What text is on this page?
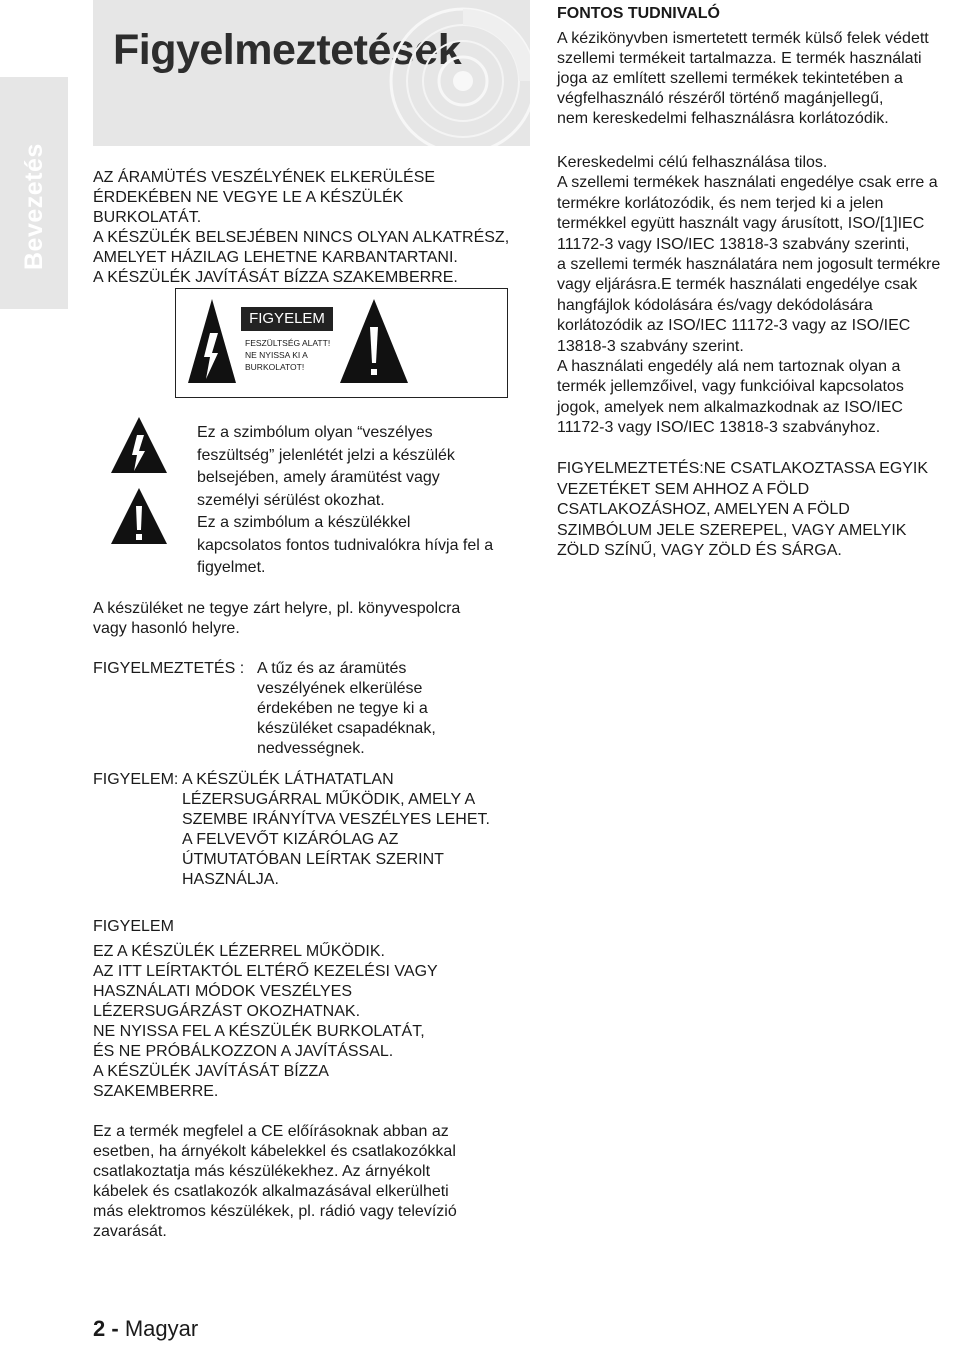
Bevezetés
Figyelmeztetések

AZ ÁRAMÜTÉS VESZÉLYÉNEK ELKERÜLÉSE
ÉRDEKÉBEN NE VEGYE LE A KÉSZÜLÉK BURKOLATÁT.
A KÉSZÜLÉK BELSEJÉBEN NINCS OLYAN ALKATRÉSZ,
AMELYET HÁZILAG LEHETNE KARBANTARTANI.
A KÉSZÜLÉK JAVÍTÁSÁT BÍZZA SZAKEMBERRE.

FIGYELEM
FESZÜLTSÉG ALATT!
NE NYISSA KI A
BURKOLATOT!

Ez a szimbólum olyan “veszélyes
feszültség” jelenlétét jelzi a készülék
belsejében, amely áramütést vagy
személyi sérülést okozhat.
Ez a szimbólum a készülékkel
kapcsolatos fontos tudnivalókra hívja fel a
figyelmet.

A készüléket ne tegye zárt helyre, pl. könyvespolcra
vagy hasonló helyre.

FIGYELMEZTETÉS : A tűz és az áramütés
veszélyének elkerülése
érdekében ne tegye ki a
készüléket csapadéknak,
nedvességnek.
FIGYELEM: A KÉSZÜLÉK LÁTHATATLAN
LÉZERSUGÁRRAL MŰKÖDIK, AMELY A
SZEMBE IRÁNYÍTVA VESZÉLYES LEHET.
A FELVEVŐT KIZÁRÓLAG AZ
ÚTMUTATÓBAN LEÍRTAK SZERINT
HASZNÁLJA.

FIGYELEM

EZ A KÉSZÜLÉK LÉZERREL MŰKÖDIK.
AZ ITT LEÍRTAKTÓL ELTÉRŐ KEZELÉSI VAGY
HASZNÁLATI MÓDOK VESZÉLYES
LÉZERSUGÁRZÁST OKOZHATNAK.
NE NYISSA FEL A KÉSZÜLÉK BURKOLATÁT,
ÉS NE PRÓBÁLKOZZON A JAVÍTÁSSAL.
A KÉSZÜLÉK JAVÍTÁSÁT BÍZZA
SZAKEMBERRE.

Ez a termék megfelel a CE előírásoknak abban az
esetben, ha árnyékolt kábelekkel és csatlakozókkal
csatlakoztatja más készülékekhez. Az árnyékolt
kábelek és csatlakozók alkalmazásával elkerülheti
más elektromos készülékek, pl. rádió vagy televízió
zavarását.

FONTOS TUDNIVALÓ

A kézikönyvben ismertetett termék külső felek védett
szellemi termékeit tartalmazza. E termék használati
joga az említett szellemi termékek tekintetében a
végfelhasználó részéről történő magánjellegű,
nem kereskedelmi felhasználásra korlátozódik.

Kereskedelmi célú felhasználása tilos.
A szellemi termékek használati engedélye csak erre a
termékre korlátozódik, és nem terjed ki a jelen
termékkel együtt használt vagy árusított, ISO/[1]IEC
11172-3 vagy ISO/IEC 13818-3 szabvány szerinti,
a szellemi termék használatára nem jogosult termékre
vagy eljárásra.E termék használati engedélye csak
hangfájlok kódolására és/vagy dekódolására
korlátozódik az ISO/IEC 11172-3 vagy az ISO/IEC
13818-3 szabvány szerint.
A használati engedély alá nem tartoznak olyan a
termék jellemzőivel, vagy funkcióival kapcsolatos
jogok, amelyek nem alkalmazkodnak az ISO/IEC
11172-3 vagy ISO/IEC 13818-3 szabványhoz.

FIGYELMEZTETÉS:NE CSATLAKOZTASSA EGYIK
VEZETÉKET SEM AHHOZ A FÖLD
CSATLAKOZÁSHOZ, AMELYEN A FÖLD
SZIMBÓLUM JELE SZEREPEL, VAGY AMELYIK
ZÖLD SZÍNŰ, VAGY ZÖLD ÉS SÁRGA.

2 - Magyar
